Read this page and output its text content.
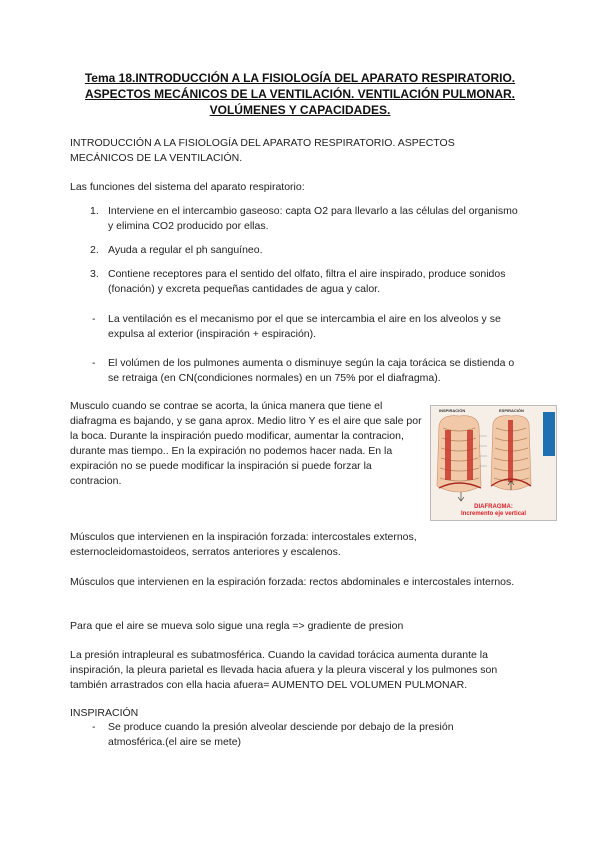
Tema 18.INTRODUCCIÓN A LA FISIOLOGÍA DEL APARATO RESPIRATORIO. ASPECTOS MECÁNICOS DE LA VENTILACIÓN. VENTILACIÓN PULMONAR. VOLÚMENES Y CAPACIDADES.
INTRODUCCIÓN A LA FISIOLOGÍA DEL APARATO RESPIRATORIO. ASPECTOS MECÁNICOS DE LA VENTILACIÓN.
Las funciones del sistema del aparato respiratorio:
1. Interviene en el intercambio gaseoso: capta O2 para llevarlo a las células del organismo y elimina CO2 producido por ellas.
2. Ayuda a regular el ph sanguíneo.
3. Contiene receptores para el sentido del olfato, filtra el aire inspirado, produce sonidos (fonación) y excreta pequeñas cantidades de agua y calor.
- La ventilación es el mecanismo por el que se intercambia el aire en los alveolos y se expulsa al exterior (inspiración + espiración).
- El volúmen de los pulmones aumenta o disminuye según la caja torácica se distienda o se retraiga (en CN(condiciones normales) en un 75% por el diafragma).
Musculo cuando se contrae se acorta, la única manera que tiene el diafragma es bajando, y se gana aprox. Medio litro Y es el aire que sale por la boca. Durante la inspiración puedo modificar, aumentar la contracion, durante mas tiempo.. En la expiración no podemos hacer nada. En la expiración no se puede modificar la inspiración si puede forzar la contracion.
INSPIRACIÓN	ESPIRACIÓN
DIAFRAGMA:
Incremento eje vertical
Músculos que intervienen en la inspiración forzada: intercostales externos, esternocleidomastoideos, serratos anteriores y escalenos.
Músculos que intervienen en la espiración forzada: rectos abdominales e intercostales internos.
Para que el aire se mueva solo sigue una regla => gradiente de presion
La presión intrapleural es subatmosférica. Cuando la cavidad torácica aumenta durante la inspiración, la pleura parietal es llevada hacia afuera y la pleura visceral y los pulmones son también arrastrados con ella hacia afuera= AUMENTO DEL VOLUMEN PULMONAR.
INSPIRACIÓN
- Se produce cuando la presión alveolar desciende por debajo de la presión atmosférica.(el aire se mete)
